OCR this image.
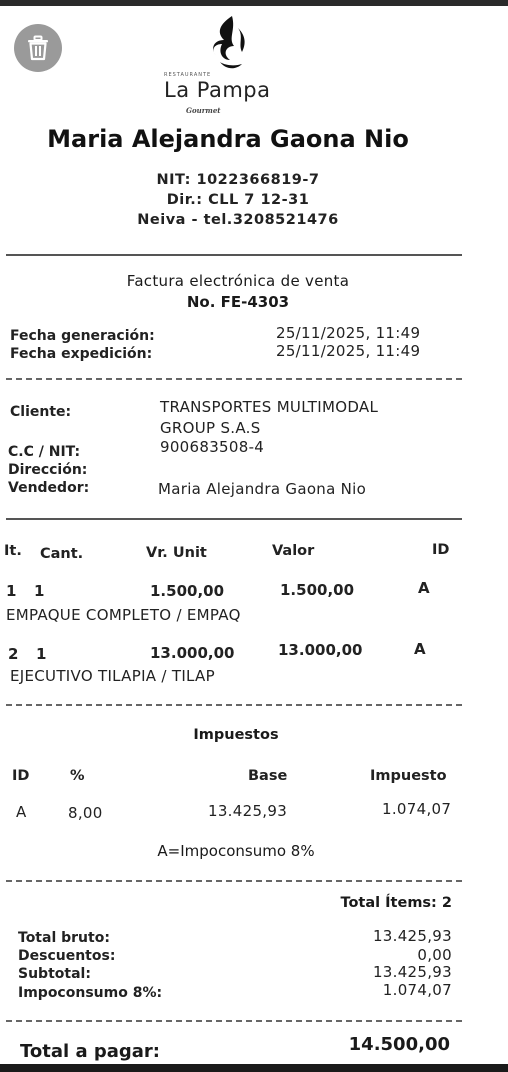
RESTAURANTE
La Pampa
Gourmet
Maria Alejandra Gaona Nio
NIT: 1022366819-7
Dir.: CLL 7 12-31
Neiva - tel.3208521476
Factura electrónica de venta
No. FE-4303
Fecha generación:	25/11/2025, 11:49
Fecha expedición:	25/11/2025, 11:49
Cliente:	TRANSPORTES MULTIMODAL
GROUP S.A.S
C.C / NIT:	900683508-4
Dirección:
Vendedor:	Maria Alejandra Gaona Nio
It. Cant.	Vr. Unit	Valor	ID
1 1	1.500,00	1.500,00	A
EMPAQUE COMPLETO / EMPAQ
2 1	13.000,00	13.000,00	A
EJECUTIVO TILAPIA / TILAP
Impuestos
ID	%	Base	Impuesto
A	8,00	13.425,93	1.074,07
A=Impoconsumo 8%
Total Ítems: 2
Total bruto:	13.425,93
Descuentos:	0,00
Subtotal:	13.425,93
Impoconsumo 8%:	1.074,07
Total a pagar:	14.500,00
